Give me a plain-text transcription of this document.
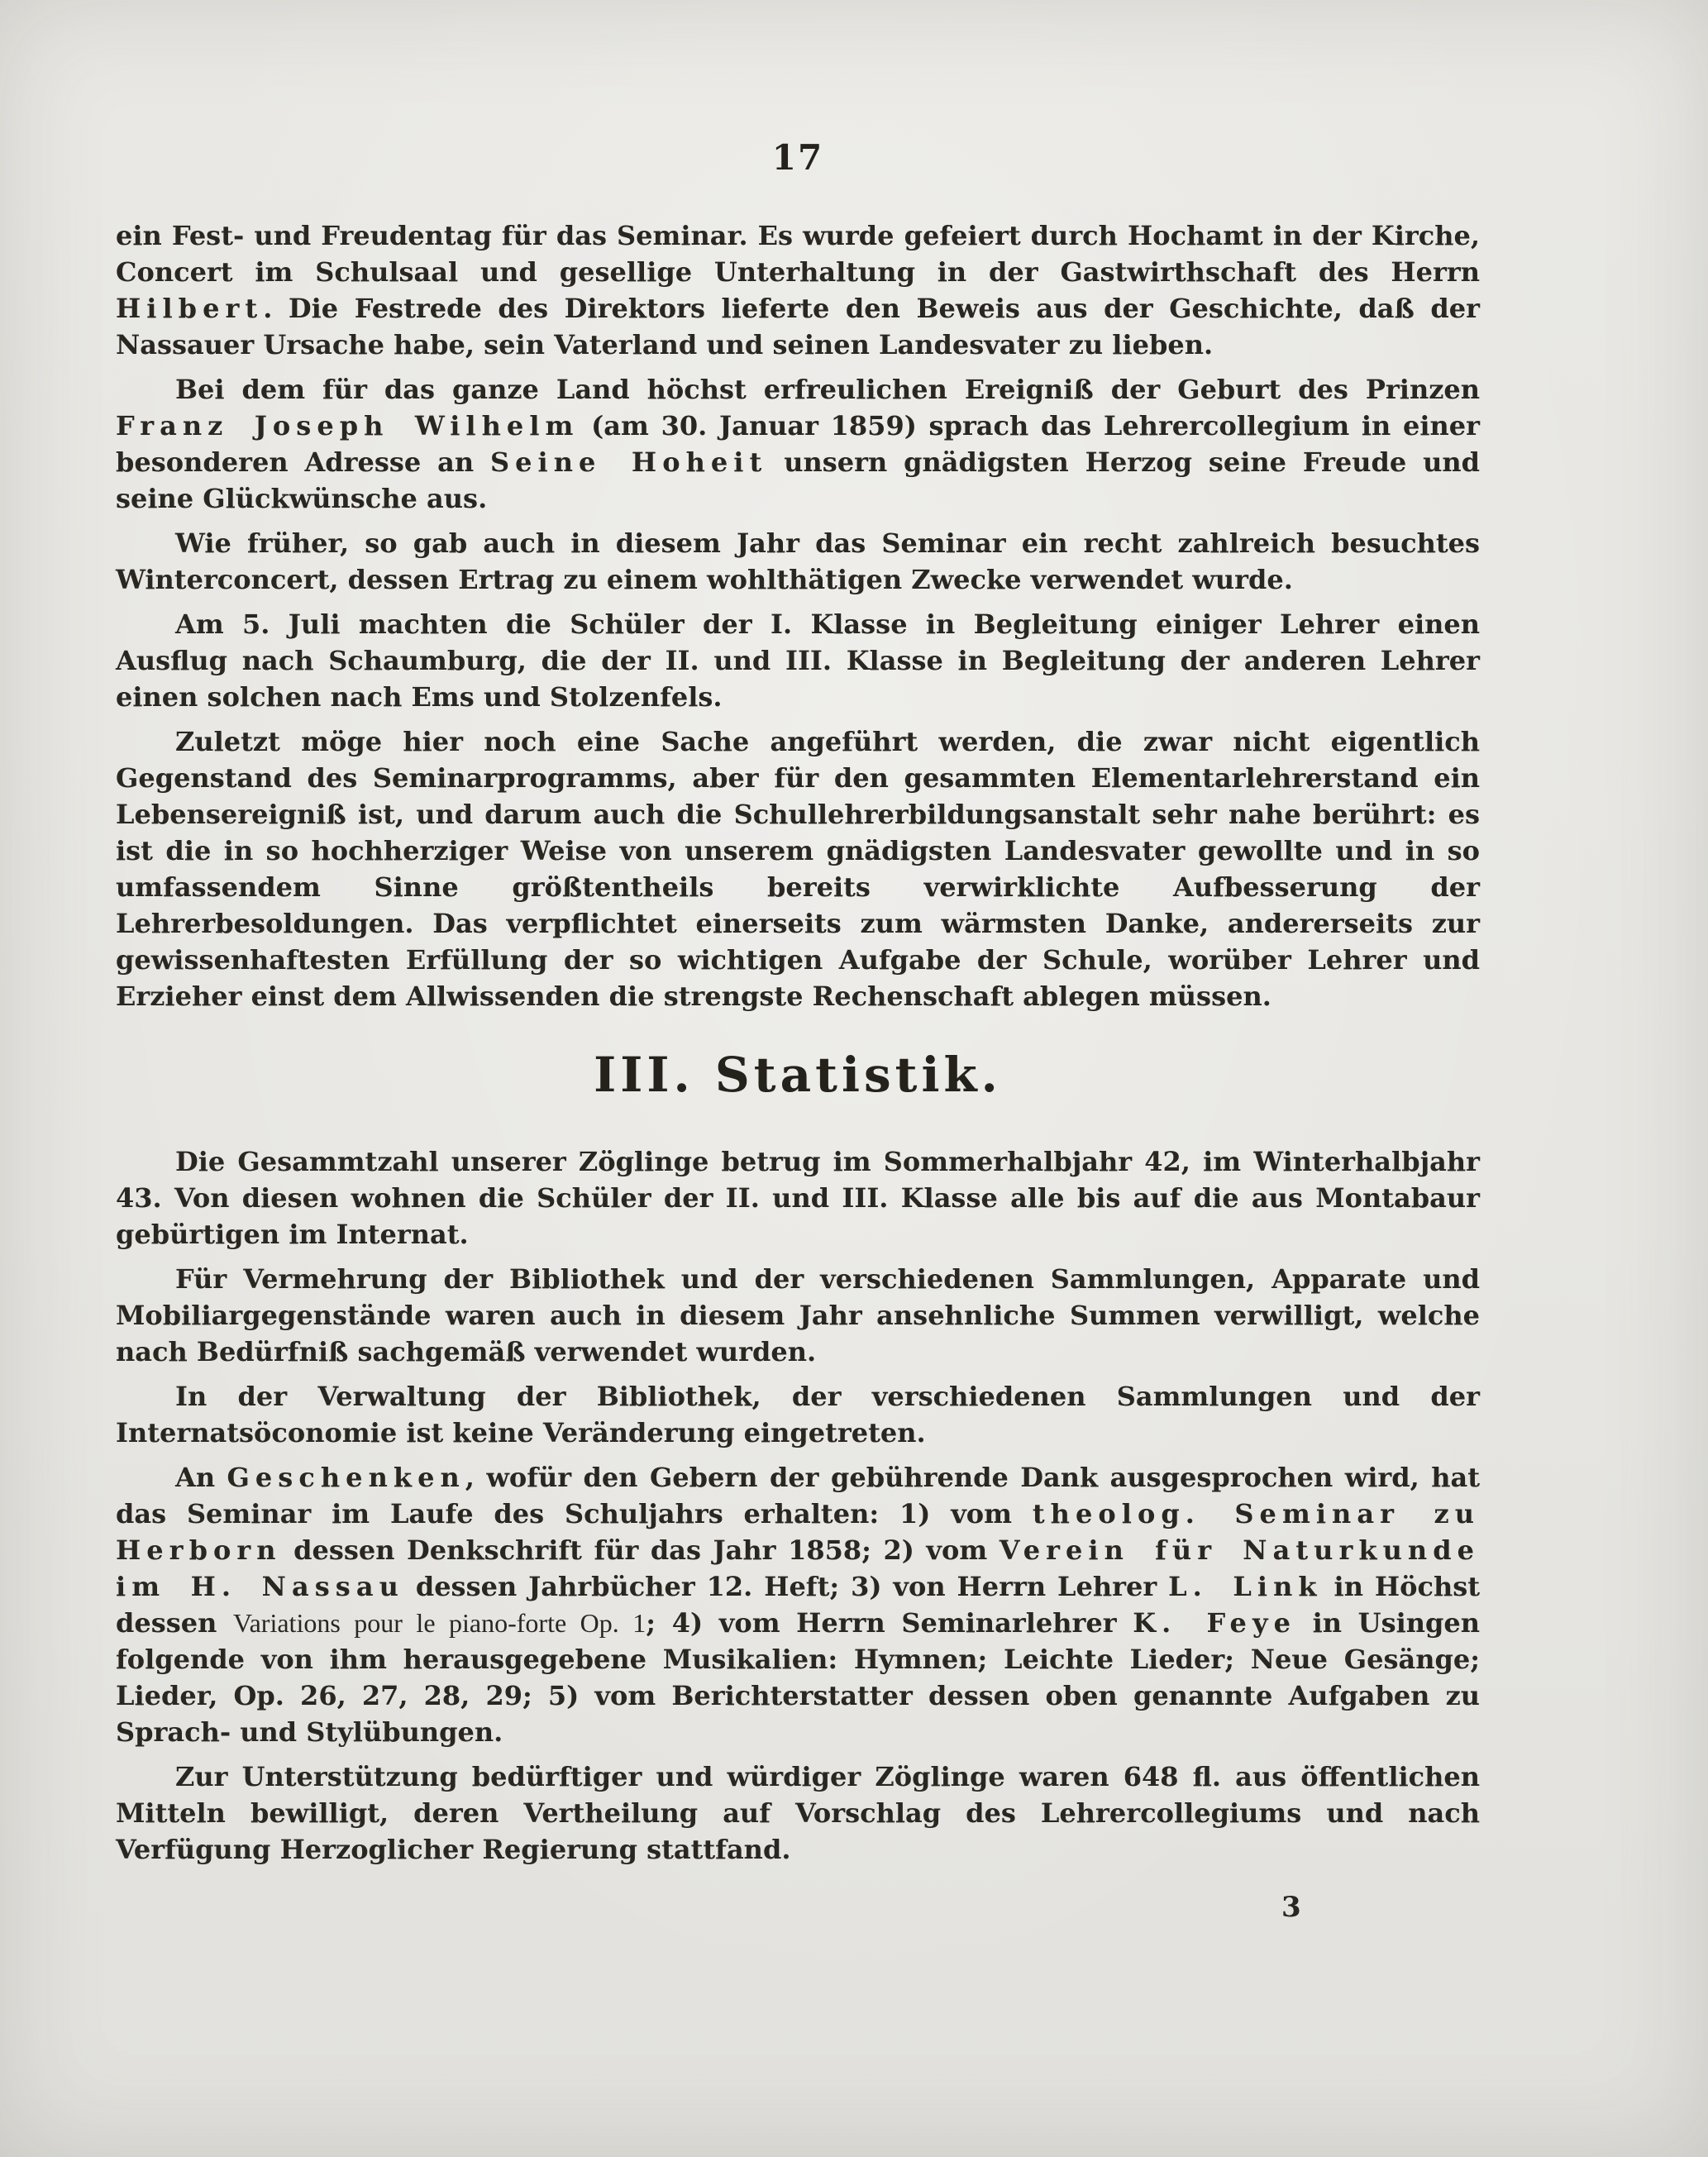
17

ein Fest- und Freudentag für das Seminar. Es wurde gefeiert durch Hochamt in der Kirche, Concert im Schulsaal und gesellige Unterhaltung in der Gastwirthschaft des Herrn Hilbert. Die Festrede des Direktors lieferte den Beweis aus der Geschichte, daß der Nassauer Ursache habe, sein Vaterland und seinen Landesvater zu lieben.

Bei dem für das ganze Land höchst erfreulichen Ereigniß der Geburt des Prinzen Franz Joseph Wilhelm (am 30. Januar 1859) sprach das Lehrercollegium in einer besonderen Adresse an Seine Hoheit unsern gnädigsten Herzog seine Freude und seine Glückwünsche aus.

Wie früher, so gab auch in diesem Jahr das Seminar ein recht zahlreich besuchtes Winterconcert, dessen Ertrag zu einem wohlthätigen Zwecke verwendet wurde.

Am 5. Juli machten die Schüler der I. Klasse in Begleitung einiger Lehrer einen Ausflug nach Schaumburg, die der II. und III. Klasse in Begleitung der anderen Lehrer einen solchen nach Ems und Stolzenfels.

Zuletzt möge hier noch eine Sache angeführt werden, die zwar nicht eigentlich Gegenstand des Seminarprogramms, aber für den gesammten Elementarlehrerstand ein Lebensereigniß ist, und darum auch die Schullehrerbildungsanstalt sehr nahe berührt: es ist die in so hochherziger Weise von unserem gnädigsten Landesvater gewollte und in so umfassendem Sinne größtentheils bereits verwirklichte Aufbesserung der Lehrerbesoldungen. Das verpflichtet einerseits zum wärmsten Danke, andererseits zur gewissenhaftesten Erfüllung der so wichtigen Aufgabe der Schule, worüber Lehrer und Erzieher einst dem Allwissenden die strengste Rechenschaft ablegen müssen.

III. Statistik.

Die Gesammtzahl unserer Zöglinge betrug im Sommerhalbjahr 42, im Winterhalbjahr 43. Von diesen wohnen die Schüler der II. und III. Klasse alle bis auf die aus Montabaur gebürtigen im Internat.

Für Vermehrung der Bibliothek und der verschiedenen Sammlungen, Apparate und Mobiliargegenstände waren auch in diesem Jahr ansehnliche Summen verwilligt, welche nach Bedürfniß sachgemäß verwendet wurden.

In der Verwaltung der Bibliothek, der verschiedenen Sammlungen und der Internatsöconomie ist keine Veränderung eingetreten.

An Geschenken, wofür den Gebern der gebührende Dank ausgesprochen wird, hat das Seminar im Laufe des Schuljahrs erhalten: 1) vom theolog. Seminar zu Herborn dessen Denkschrift für das Jahr 1858; 2) vom Verein für Naturkunde im H. Nassau dessen Jahrbücher 12. Heft; 3) von Herrn Lehrer L. Link in Höchst dessen Variations pour le piano-forte Op. 1; 4) vom Herrn Seminarlehrer K. Feye in Usingen folgende von ihm herausgegebene Musikalien: Hymnen; Leichte Lieder; Neue Gesänge; Lieder, Op. 26, 27, 28, 29; 5) vom Berichterstatter dessen oben genannte Aufgaben zu Sprach- und Stylübungen.

Zur Unterstützung bedürftiger und würdiger Zöglinge waren 648 fl. aus öffentlichen Mitteln bewilligt, deren Vertheilung auf Vorschlag des Lehrercollegiums und nach Verfügung Herzoglicher Regierung stattfand.

3
